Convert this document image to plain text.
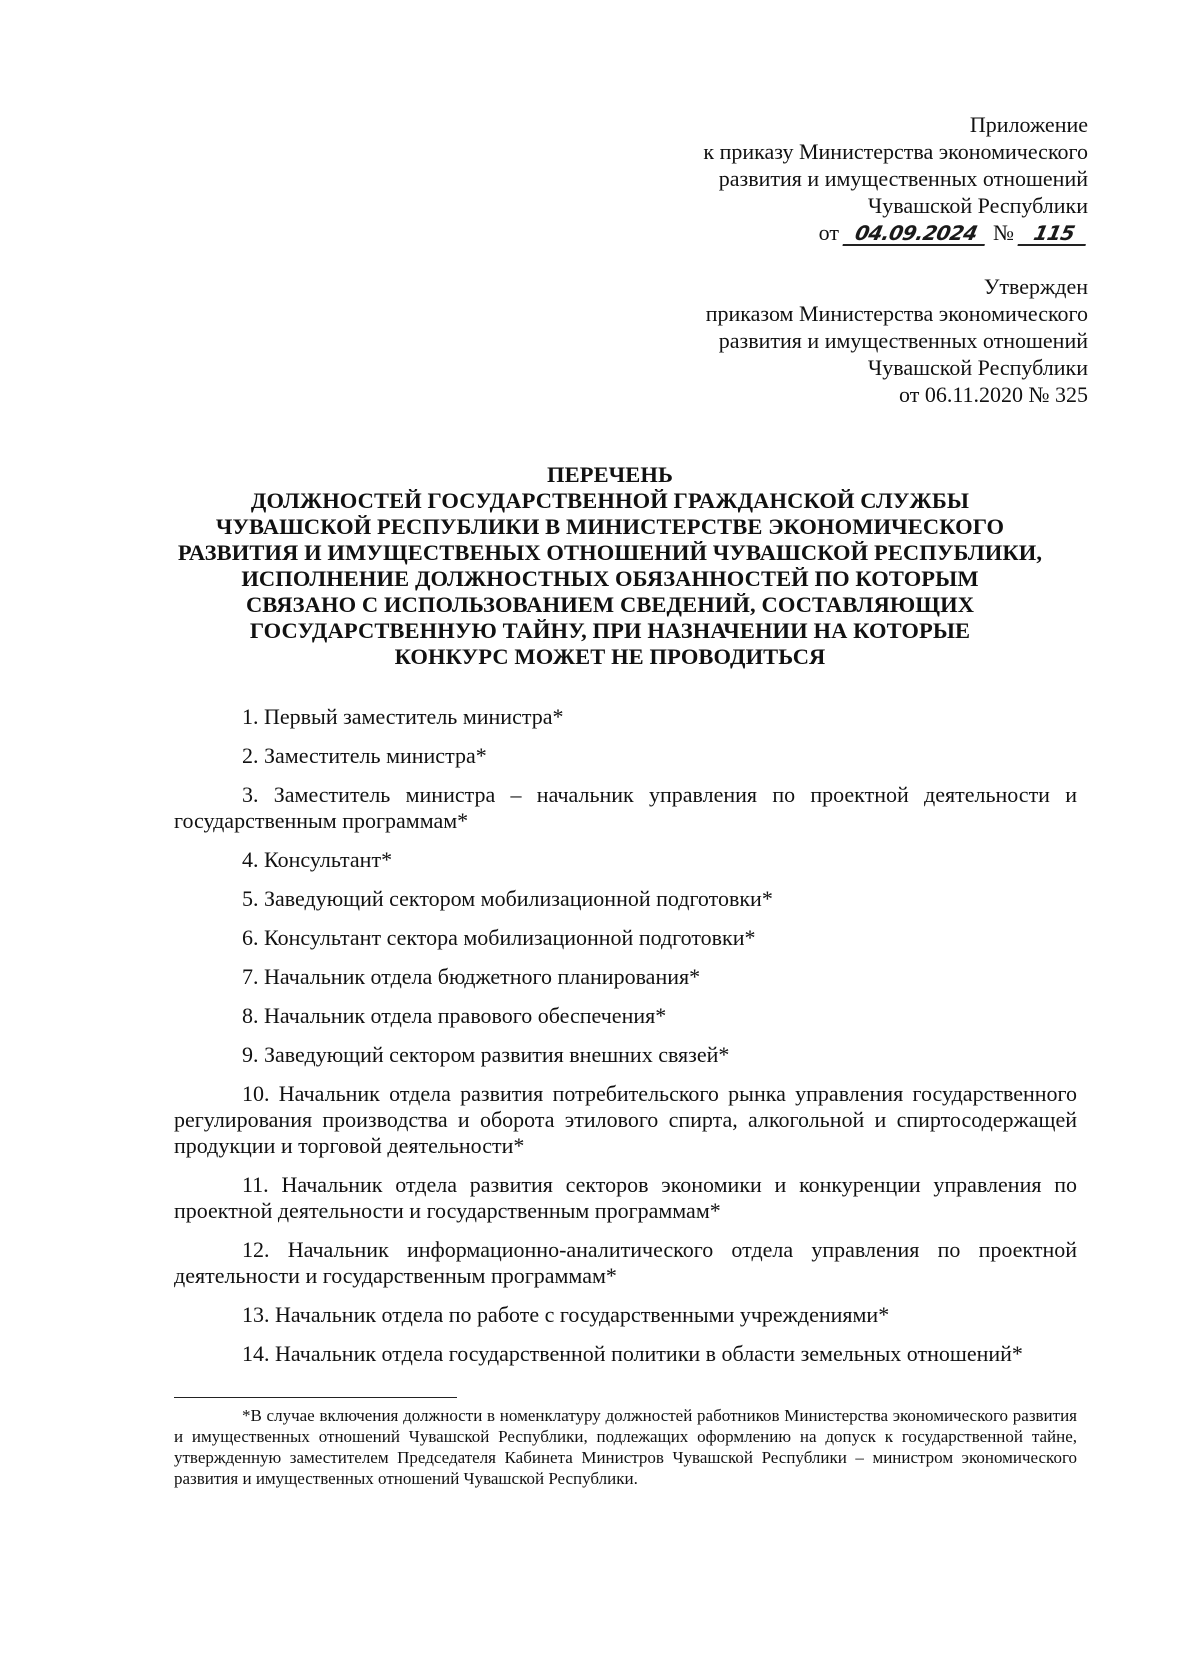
Приложение
к приказу Министерства экономического
развития и имущественных отношений
Чувашской Республики
от 04.09.2024 № 115
Утвержден
приказом Министерства экономического
развития и имущественных отношений
Чувашской Республики
от 06.11.2020 № 325
ПЕРЕЧЕНЬ
ДОЛЖНОСТЕЙ ГОСУДАРСТВЕННОЙ ГРАЖДАНСКОЙ СЛУЖБЫ
ЧУВАШСКОЙ РЕСПУБЛИКИ В МИНИСТЕРСТВЕ ЭКОНОМИЧЕСКОГО
РАЗВИТИЯ И ИМУЩЕСТВЕНЫХ ОТНОШЕНИЙ ЧУВАШСКОЙ РЕСПУБЛИКИ,
ИСПОЛНЕНИЕ ДОЛЖНОСТНЫХ ОБЯЗАННОСТЕЙ ПО КОТОРЫМ
СВЯЗАНО С ИСПОЛЬЗОВАНИЕМ СВЕДЕНИЙ, СОСТАВЛЯЮЩИХ
ГОСУДАРСТВЕННУЮ ТАЙНУ, ПРИ НАЗНАЧЕНИИ НА КОТОРЫЕ
КОНКУРС МОЖЕТ НЕ ПРОВОДИТЬСЯ

1. Первый заместитель министра*

2. Заместитель министра*

3. Заместитель министра – начальник управления по проектной деятельности и государственным программам*

4. Консультант*

5. Заведующий сектором мобилизационной подготовки*

6. Консультант сектора мобилизационной подготовки*

7. Начальник отдела бюджетного планирования*

8. Начальник отдела правового обеспечения*

9. Заведующий сектором развития внешних связей*

10. Начальник отдела развития потребительского рынка управления государственного регулирования производства и оборота этилового спирта, алкогольной и спиртосодержащей продукции и торговой деятельности*

11. Начальник отдела развития секторов экономики и конкуренции управления по проектной деятельности и государственным программам*

12. Начальник информационно-аналитического отдела управления по проектной деятельности и государственным программам*

13. Начальник отдела по работе с государственными учреждениями*

14. Начальник отдела государственной политики в области земельных отношений*

*В случае включения должности в номенклатуру должностей работников Министерства экономического развития и имущественных отношений Чувашской Республики, подлежащих оформлению на допуск к государственной тайне, утвержденную заместителем Председателя Кабинета Министров Чувашской Республики – министром экономического развития и имущественных отношений Чувашской Республики.
